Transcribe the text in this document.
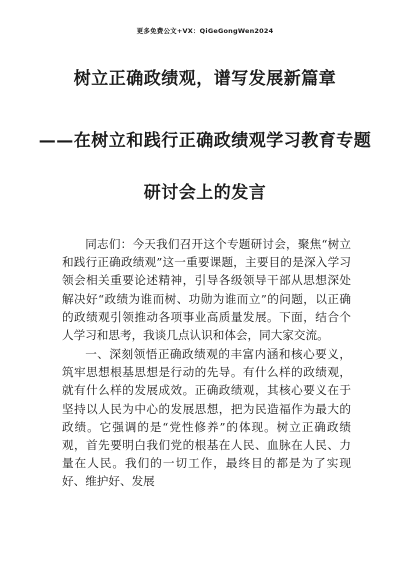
更多免费公文+VX：QiGeGongWen2024
树立正确政绩观，谱写发展新篇章
——在树立和践行正确政绩观学习教育专题
研讨会上的发言

同志们：今天我们召开这个专题研讨会，聚焦“树立和践行正确政绩观”这一重要课题，主要目的是深入学习领会相关重要论述精神，引导各级领导干部从思想深处解决好“政绩为谁而树、功勋为谁而立”的问题，以正确的政绩观引领推动各项事业高质量发展。下面，结合个人学习和思考，我谈几点认识和体会，同大家交流。

一、深刻领悟正确政绩观的丰富内涵和核心要义，筑牢思想根基思想是行动的先导。有什么样的政绩观，就有什么样的发展成效。正确政绩观，其核心要义在于坚持以人民为中心的发展思想，把为民造福作为最大的政绩。它强调的是“党性修养”的体现。树立正确政绩观，首先要明白我们党的根基在人民、血脉在人民、力量在人民。我们的一切工作，最终目的都是为了实现好、维护好、发展
